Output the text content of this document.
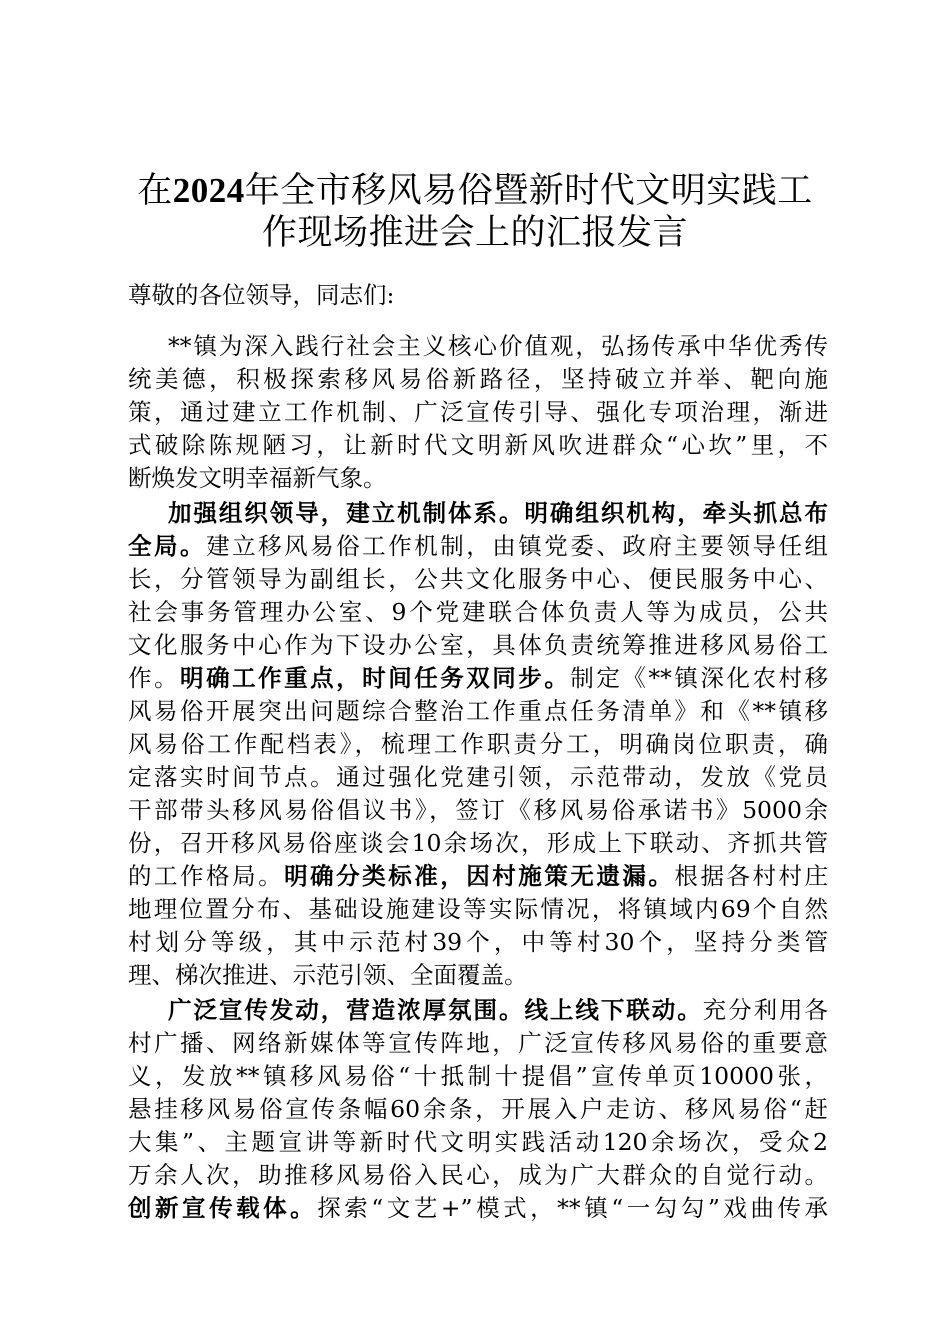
在2024年全市移风易俗暨新时代文明实践工
作现场推进会上的汇报发言
尊敬的各位领导，同志们:
**镇为深入践行社会主义核心价值观，弘扬传承中华优秀传
统美德，积极探索移风易俗新路径，坚持破立并举、靶向施
策，通过建立工作机制、广泛宣传引导、强化专项治理，渐进
式破除陈规陋习，让新时代文明新风吹进群众“心坎”里，不
断焕发文明幸福新气象。
加强组织领导，建立机制体系。明确组织机构，牵头抓总布
全局。建立移风易俗工作机制，由镇党委、政府主要领导任组
长，分管领导为副组长，公共文化服务中心、便民服务中心、
社会事务管理办公室、9个党建联合体负责人等为成员，公共
文化服务中心作为下设办公室，具体负责统筹推进移风易俗工
作。明确工作重点，时间任务双同步。制定《**镇深化农村移
风易俗开展突出问题综合整治工作重点任务清单》和《**镇移
风易俗工作配档表》，梳理工作职责分工，明确岗位职责，确
定落实时间节点。通过强化党建引领，示范带动，发放《党员
干部带头移风易俗倡议书》，签订《移风易俗承诺书》5000余
份，召开移风易俗座谈会10余场次，形成上下联动、齐抓共管
的工作格局。明确分类标准，因村施策无遗漏。根据各村村庄
地理位置分布、基础设施建设等实际情况，将镇域内69个自然
村划分等级，其中示范村39个，中等村30个，坚持分类管
理、梯次推进、示范引领、全面覆盖。
广泛宣传发动，营造浓厚氛围。线上线下联动。充分利用各
村广播、网络新媒体等宣传阵地，广泛宣传移风易俗的重要意
义，发放**镇移风易俗“十抵制十提倡”宣传单页10000张，
悬挂移风易俗宣传条幅60余条，开展入户走访、移风易俗“赶
大集”、主题宣讲等新时代文明实践活动120余场次，受众2
万余人次，助推移风易俗入民心，成为广大群众的自觉行动。
创新宣传载体。探索“文艺+”模式，**镇“一勾勾”戏曲传承
